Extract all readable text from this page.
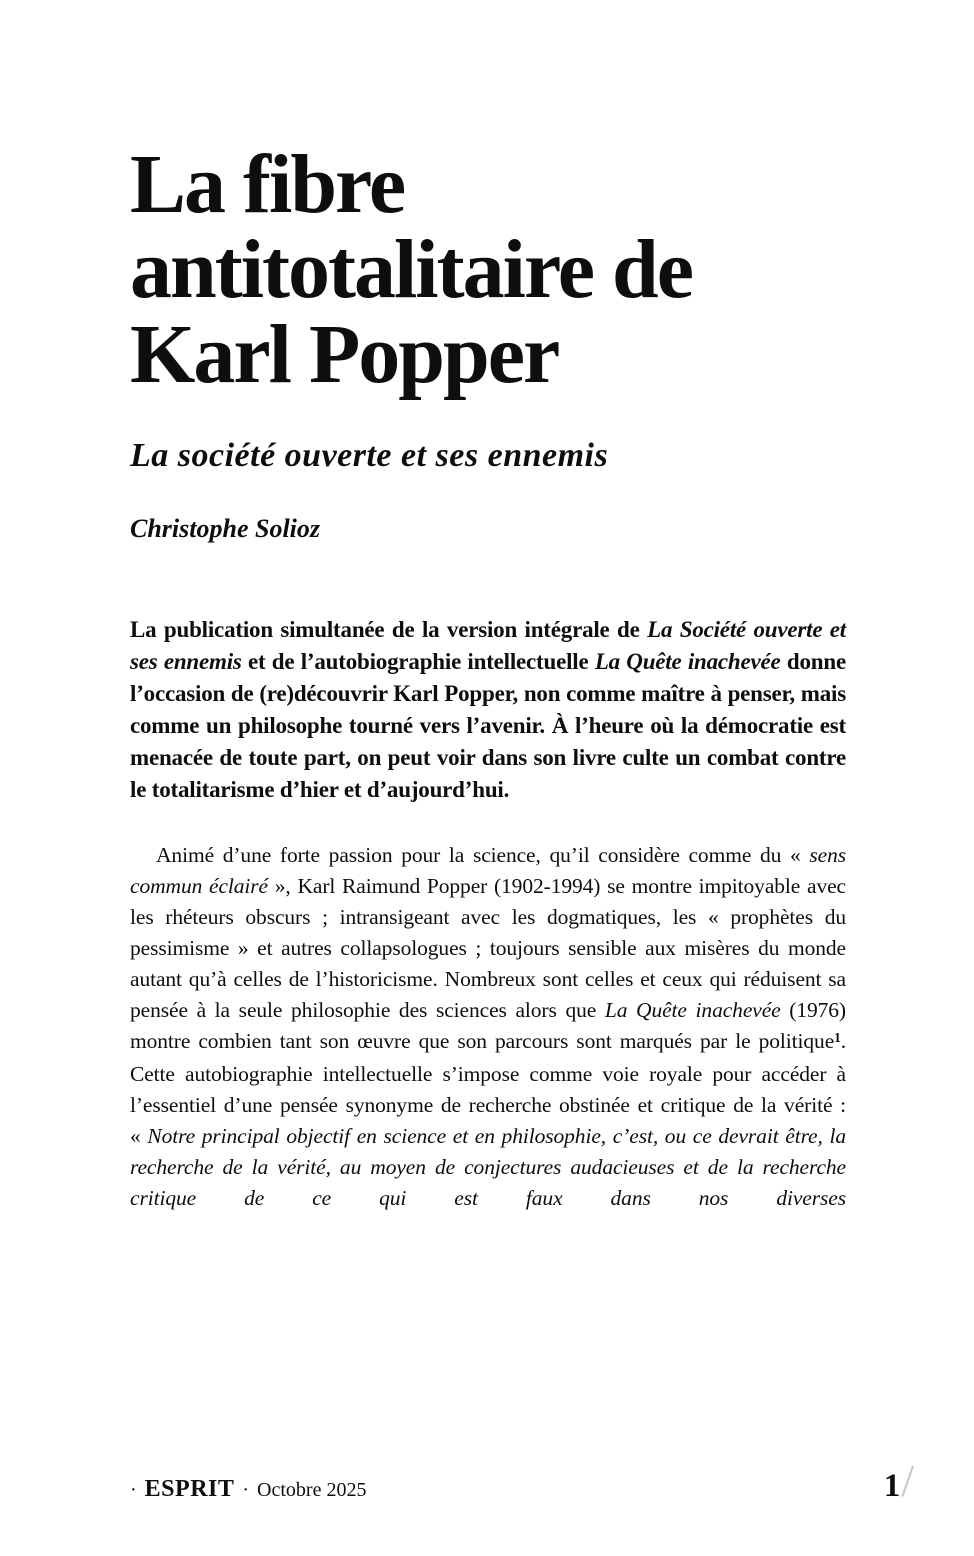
La fibre antitotalitaire de Karl Popper
La société ouverte et ses ennemis
Christophe Solioz

La publication simultanée de la version intégrale de La Société ouverte et ses ennemis et de l’autobiographie intellectuelle La Quête inachevée donne l’occasion de (re)découvrir Karl Popper, non comme maître à penser, mais comme un philosophe tourné vers l’avenir. À l’heure où la démocratie est menacée de toute part, on peut voir dans son livre culte un combat contre le totalitarisme d’hier et d’aujourd’hui.

Animé d’une forte passion pour la science, qu’il considère comme du « sens commun éclairé », Karl Raimund Popper (1902-1994) se montre impitoyable avec les rhéteurs obscurs ; intransigeant avec les dogmatiques, les « prophètes du pessimisme » et autres collapsologues ; toujours sensible aux misères du monde autant qu’à celles de l’historicisme. Nombreux sont celles et ceux qui réduisent sa pensée à la seule philosophie des sciences alors que La Quête inachevée (1976) montre combien tant son œuvre que son parcours sont marqués par le politique$^1$. Cette autobiographie intellectuelle s’impose comme voie royale pour accéder à l’essentiel d’une pensée synonyme de recherche obstinée et critique de la vérité : « Notre principal objectif en science et en philosophie, c’est, ou ce devrait être, la recherche de la vérité, au moyen de conjectures audacieuses et de la recherche critique de ce qui est faux dans nos diverses

· ESPRIT · Octobre 2025	1 /
